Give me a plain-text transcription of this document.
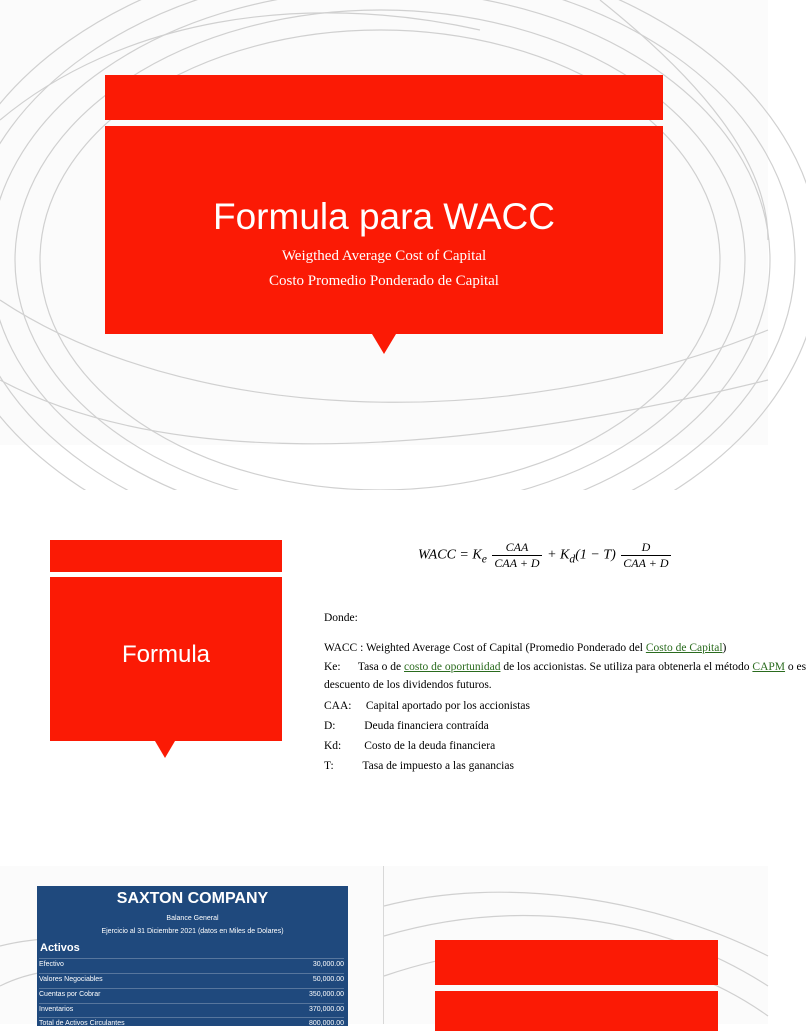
Formula para WACC
Weigthed Average Cost of Capital
Costo Promedio Ponderado de Capital
Formula
WACC = $K_e \frac{\text{CAA}}{\text{CAA + D}} + K_d(1 - T) \frac{D}{\text{CAA + D}}$
Donde:
WACC : Weighted Average Cost of Capital (Promedio Ponderado del Costo de Capital)
Ke: Tasa o de costo de oportunidad de los accionistas. Se utiliza para obtenerla el método CAPM o es
descuento de los dividendos futuros.
CAA: Capital aportado por los accionistas
D:	Deuda financiera contraída
Kd: Costo de la deuda financiera
T:	Tasa de impuesto a las ganancias
SAXTON COMPANY
Balance General
Ejercicio al 31 Diciembre 2021 (datos en Miles de Dolares)
Activos
Efectivo	30,000.00
Valores Negociables	50,000.00
Cuentas por Cobrar	350,000.00
Inventarios	370,000.00
Total de Activos Circulantes	800,000.00
